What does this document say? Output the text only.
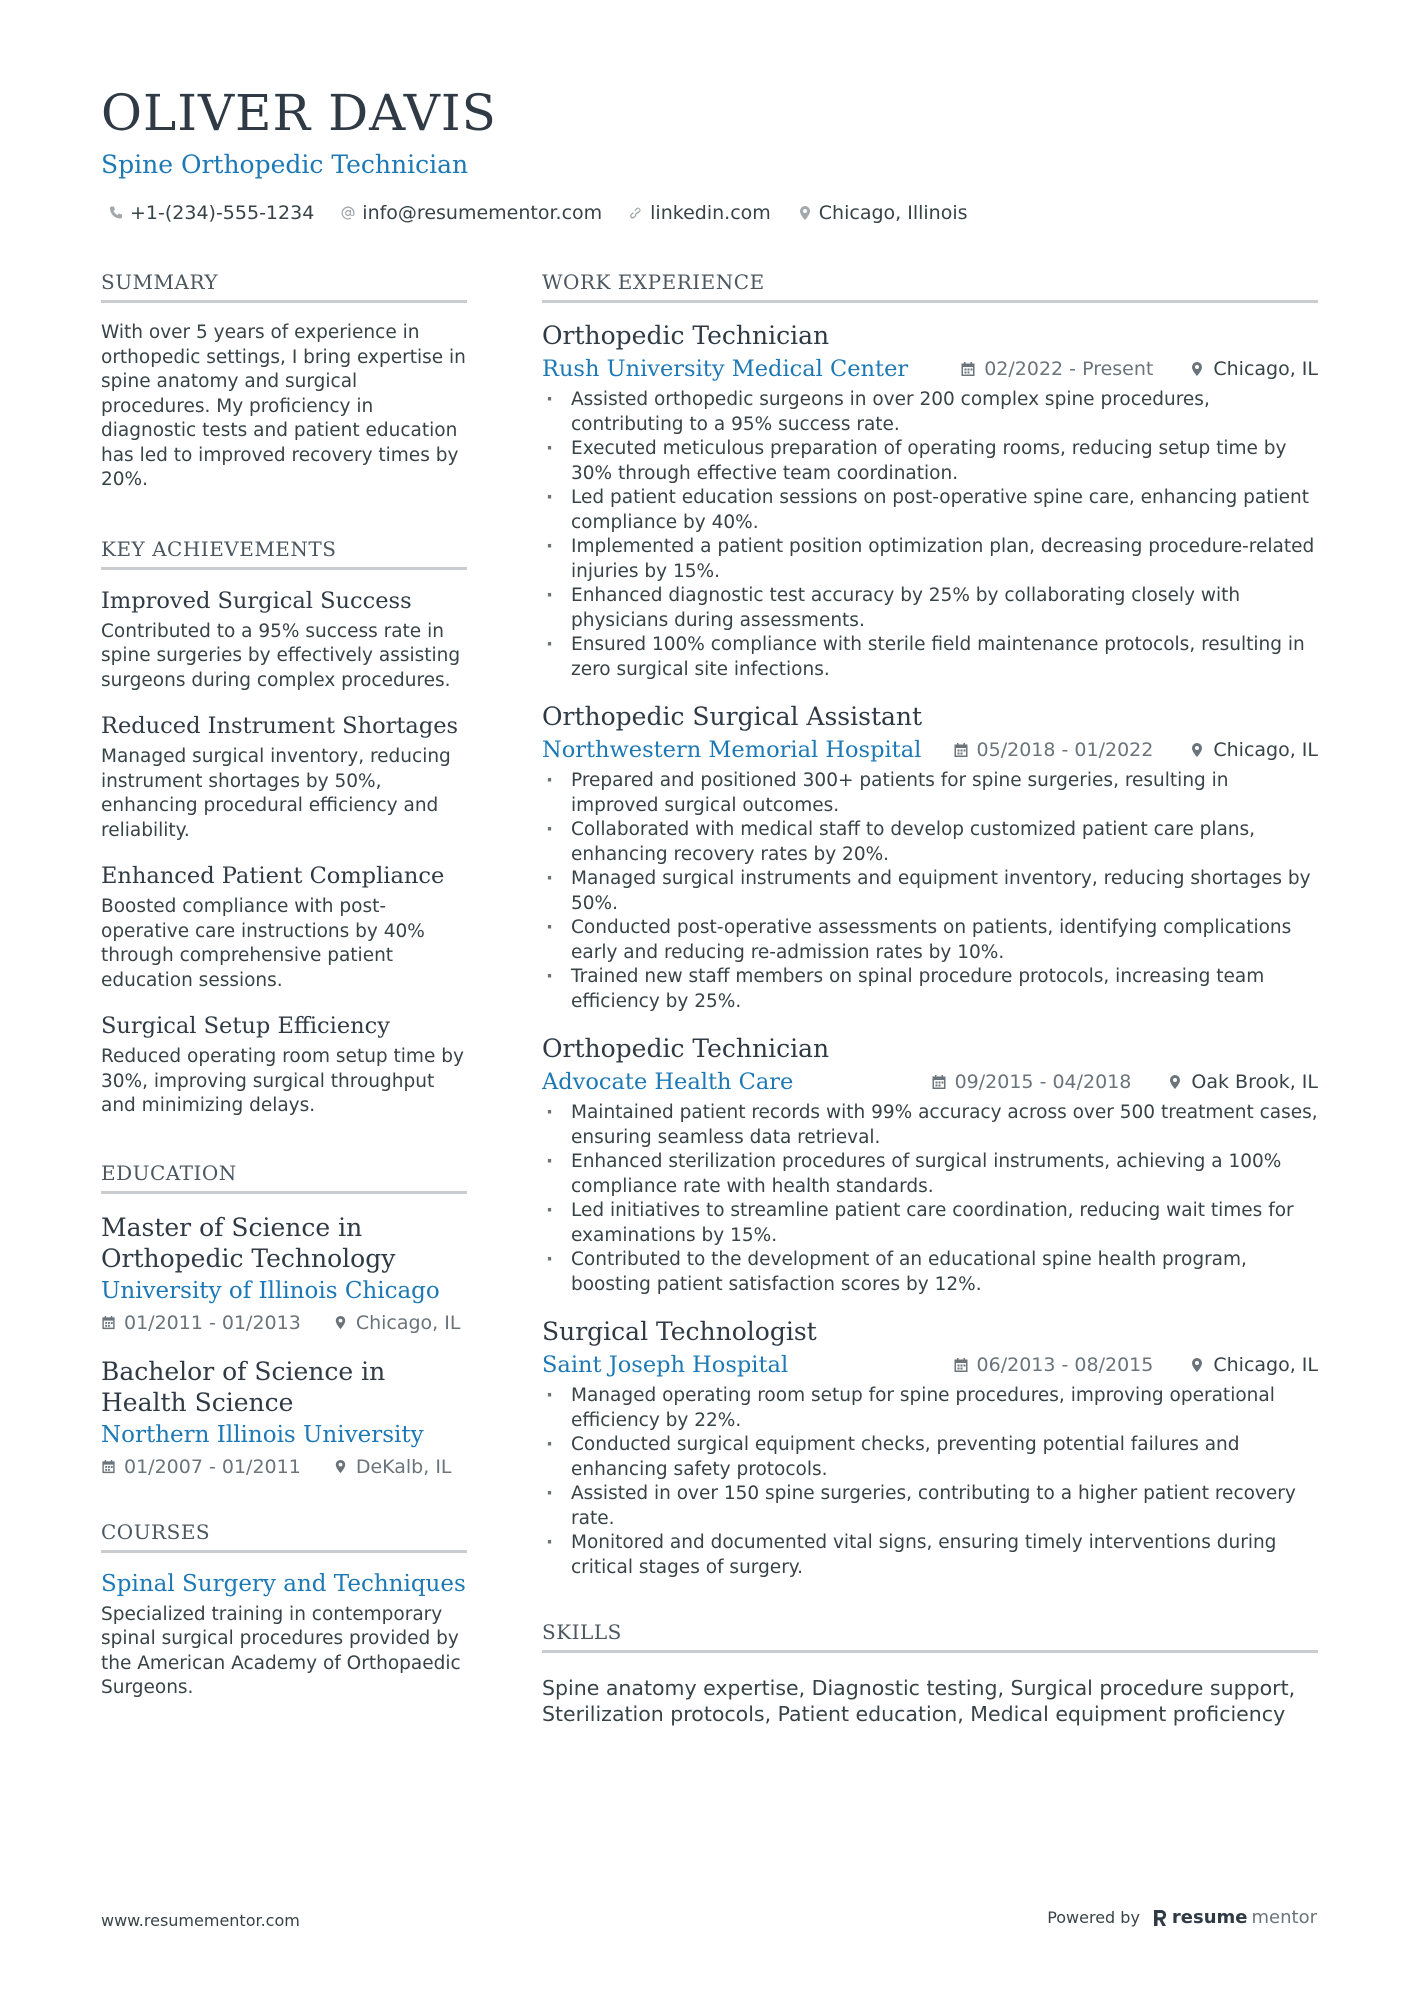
OLIVER DAVIS
Spine Orthopedic Technician
+1-(234)-555-1234	info@resumementor.com	linkedin.com	Chicago, Illinois
SUMMARY
With over 5 years of experience in orthopedic settings, I bring expertise in spine anatomy and surgical procedures. My proficiency in diagnostic tests and patient education has led to improved recovery times by 20%.
KEY ACHIEVEMENTS
Improved Surgical Success
Contributed to a 95% success rate in spine surgeries by effectively assisting surgeons during complex procedures.
Reduced Instrument Shortages
Managed surgical inventory, reducing instrument shortages by 50%, enhancing procedural efficiency and reliability.
Enhanced Patient Compliance
Boosted compliance with post-operative care instructions by 40% through comprehensive patient education sessions.
Surgical Setup Efficiency
Reduced operating room setup time by 30%, improving surgical throughput and minimizing delays.
EDUCATION
Master of Science in Orthopedic Technology
University of Illinois Chicago
01/2011 - 01/2013	Chicago, IL
Bachelor of Science in Health Science
Northern Illinois University
01/2007 - 01/2011	DeKalb, IL
COURSES
Spinal Surgery and Techniques
Specialized training in contemporary spinal surgical procedures provided by the American Academy of Orthopaedic Surgeons.
WORK EXPERIENCE
Orthopedic Technician
Rush University Medical Center	02/2022 - Present	Chicago, IL
· Assisted orthopedic surgeons in over 200 complex spine procedures, contributing to a 95% success rate.
· Executed meticulous preparation of operating rooms, reducing setup time by 30% through effective team coordination.
· Led patient education sessions on post-operative spine care, enhancing patient compliance by 40%.
· Implemented a patient position optimization plan, decreasing procedure-related injuries by 15%.
· Enhanced diagnostic test accuracy by 25% by collaborating closely with physicians during assessments.
· Ensured 100% compliance with sterile field maintenance protocols, resulting in zero surgical site infections.
Orthopedic Surgical Assistant
Northwestern Memorial Hospital	05/2018 - 01/2022	Chicago, IL
· Prepared and positioned 300+ patients for spine surgeries, resulting in improved surgical outcomes.
· Collaborated with medical staff to develop customized patient care plans, enhancing recovery rates by 20%.
· Managed surgical instruments and equipment inventory, reducing shortages by 50%.
· Conducted post-operative assessments on patients, identifying complications early and reducing re-admission rates by 10%.
· Trained new staff members on spinal procedure protocols, increasing team efficiency by 25%.
Orthopedic Technician
Advocate Health Care	09/2015 - 04/2018	Oak Brook, IL
· Maintained patient records with 99% accuracy across over 500 treatment cases, ensuring seamless data retrieval.
· Enhanced sterilization procedures of surgical instruments, achieving a 100% compliance rate with health standards.
· Led initiatives to streamline patient care coordination, reducing wait times for examinations by 15%.
· Contributed to the development of an educational spine health program, boosting patient satisfaction scores by 12%.
Surgical Technologist
Saint Joseph Hospital	06/2013 - 08/2015	Chicago, IL
· Managed operating room setup for spine procedures, improving operational efficiency by 22%.
· Conducted surgical equipment checks, preventing potential failures and enhancing safety protocols.
· Assisted in over 150 spine surgeries, contributing to a higher patient recovery rate.
· Monitored and documented vital signs, ensuring timely interventions during critical stages of surgery.
SKILLS
Spine anatomy expertise, Diagnostic testing, Surgical procedure support, Sterilization protocols, Patient education, Medical equipment proficiency
www.resumementor.com	Powered by resume mentor
